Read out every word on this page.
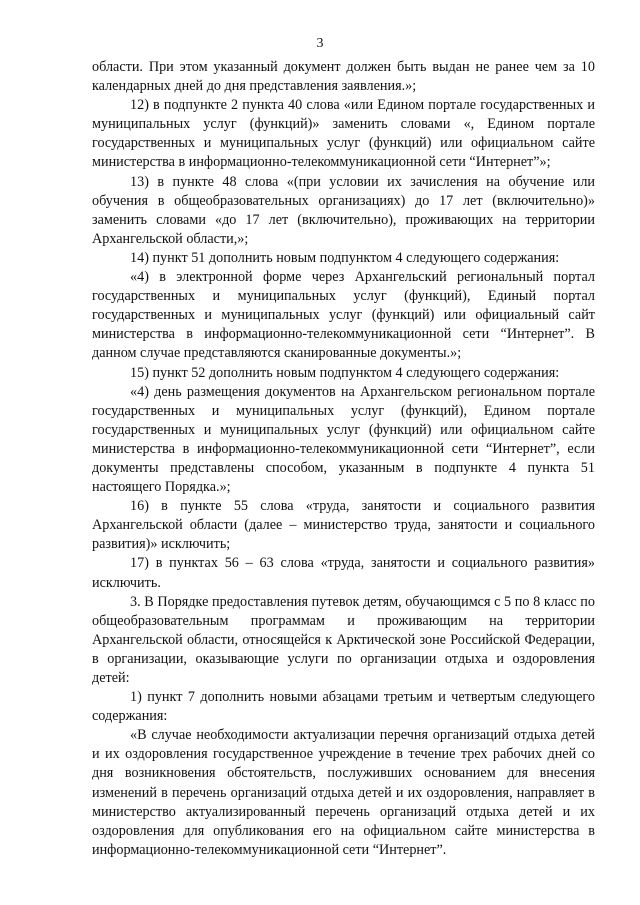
3

области. При этом указанный документ должен быть выдан не ранее чем за 10 календарных дней до дня представления заявления.»;

12) в подпункте 2 пункта 40 слова «или Едином портале государственных и муниципальных услуг (функций)» заменить словами «, Едином портале государственных и муниципальных услуг (функций) или официальном сайте министерства в информационно-телекоммуникационной сети “Интернет”»;

13) в пункте 48 слова «(при условии их зачисления на обучение или обучения в общеобразовательных организациях) до 17 лет (включительно)» заменить словами «до 17 лет (включительно), проживающих на территории Архангельской области,»;

14) пункт 51 дополнить новым подпунктом 4 следующего содержания:

«4) в электронной форме через Архангельский региональный портал государственных и муниципальных услуг (функций), Единый портал государственных и муниципальных услуг (функций) или официальный сайт министерства в информационно-телекоммуникационной сети “Интернет”. В данном случае представляются сканированные документы.»;

15) пункт 52 дополнить новым подпунктом 4 следующего содержания:

«4) день размещения документов на Архангельском региональном портале государственных и муниципальных услуг (функций), Едином портале государственных и муниципальных услуг (функций) или официальном сайте министерства в информационно-телекоммуникационной сети “Интернет”, если документы представлены способом, указанным в подпункте 4 пункта 51 настоящего Порядка.»;

16) в пункте 55 слова «труда, занятости и социального развития Архангельской области (далее – министерство труда, занятости и социального развития)» исключить;

17) в пунктах 56 – 63 слова «труда, занятости и социального развития» исключить.

3. В Порядке предоставления путевок детям, обучающимся с 5 по 8 класс по общеобразовательным программам и проживающим на территории Архангельской области, относящейся к Арктической зоне Российской Федерации, в организации, оказывающие услуги по организации отдыха и оздоровления детей:

1) пункт 7 дополнить новыми абзацами третьим и четвертым следующего содержания:

«В случае необходимости актуализации перечня организаций отдыха детей и их оздоровления государственное учреждение в течение трех рабочих дней со дня возникновения обстоятельств, послуживших основанием для внесения изменений в перечень организаций отдыха детей и их оздоровления, направляет в министерство актуализированный перечень организаций отдыха детей и их оздоровления для опубликования его на официальном сайте министерства в информационно-телекоммуникационной сети “Интернет”.
